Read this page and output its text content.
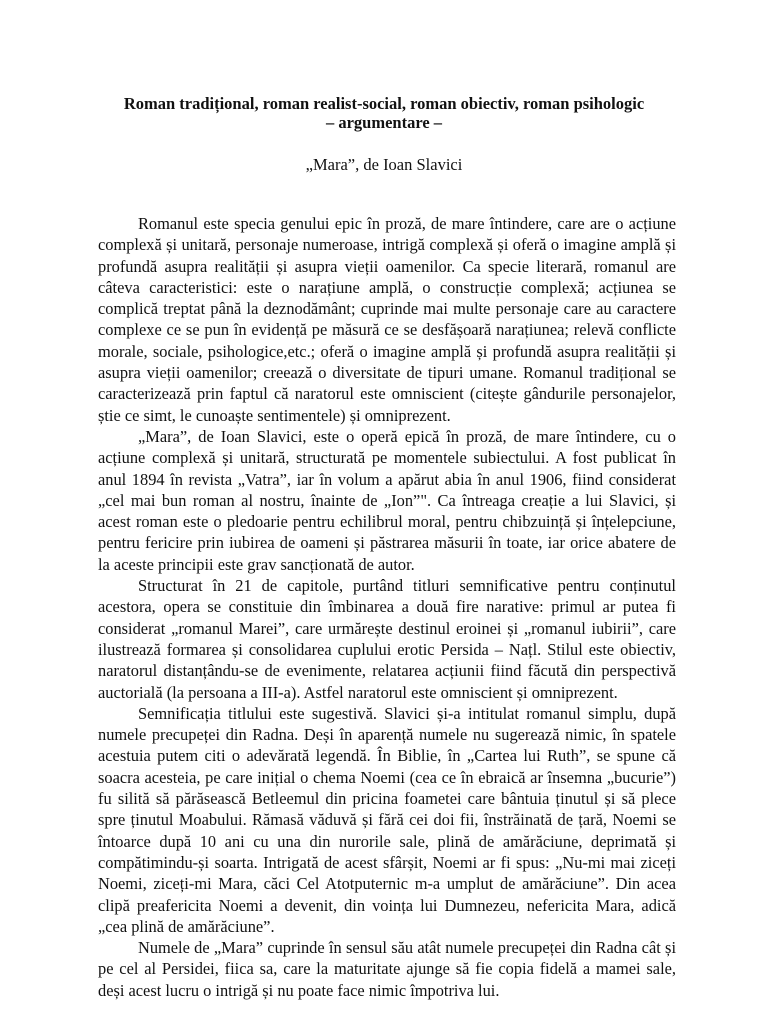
Roman tradițional, roman realist-social, roman obiectiv, roman psihologic
– argumentare –
„Mara”, de Ioan Slavici

Romanul este specia genului epic în proză, de mare întindere, care are o acțiune complexă și unitară, personaje numeroase, intrigă complexă și oferă o imagine amplă și profundă asupra realității și asupra vieții oamenilor. Ca specie literară, romanul are câteva caracteristici: este o narațiune amplă, o construcție complexă; acțiunea se complică treptat până la deznodământ; cuprinde mai multe personaje care au caractere complexe ce se pun în evidență pe măsură ce se desfășoară narațiunea; relevă conflicte morale, sociale, psihologice,etc.; oferă o imagine amplă și profundă asupra realității și asupra vieții oamenilor; creează o diversitate de tipuri umane. Romanul tradițional se caracterizează prin faptul că naratorul este omniscient (citește gândurile personajelor, știe ce simt, le cunoaște sentimentele) și omniprezent.

„Mara”, de Ioan Slavici, este o operă epică în proză, de mare întindere, cu o acțiune complexă și unitară, structurată pe momentele subiectului. A fost publicat în anul 1894 în revista „Vatra”, iar în volum a apărut abia în anul 1906, fiind considerat „cel mai bun roman al nostru, înainte de „Ion”". Ca întreaga creație a lui Slavici, și acest roman este o pledoarie pentru echilibrul moral, pentru chibzuință și înțelepciune, pentru fericire prin iubirea de oameni și păstrarea măsurii în toate, iar orice abatere de la aceste principii este grav sancționată de autor.

Structurat în 21 de capitole, purtând titluri semnificative pentru conținutul acestora, opera se constituie din îmbinarea a două fire narative: primul ar putea fi considerat „romanul Marei”, care urmărește destinul eroinei și „romanul iubirii”, care ilustrează formarea și consolidarea cuplului erotic Persida – Națl. Stilul este obiectiv, naratorul distanțându-se de evenimente, relatarea acțiunii fiind făcută din perspectivă auctorială (la persoana a III-a). Astfel naratorul este omniscient și omniprezent.

Semnificația titlului este sugestivă. Slavici și-a intitulat romanul simplu, după numele precupeței din Radna. Deși în aparență numele nu sugerează nimic, în spatele acestuia putem citi o adevărată legendă. În Biblie, în „Cartea lui Ruth”, se spune că soacra acesteia, pe care inițial o chema Noemi (cea ce în ebraică ar însemna „bucurie”) fu silită să părăsească Betleemul din pricina foametei care bântuia ținutul și să plece spre ținutul Moabului. Rămasă văduvă și fără cei doi fii, înstrăinată de țară, Noemi se întoarce după 10 ani cu una din nurorile sale, plină de amărăciune, deprimată și compătimindu-și soarta. Intrigată de acest sfârșit, Noemi ar fi spus: „Nu-mi mai ziceți Noemi, ziceți-mi Mara, căci Cel Atotputernic m-a umplut de amărăciune”. Din acea clipă preafericita Noemi a devenit, din voința lui Dumnezeu, nefericita Mara, adică „cea plină de amărăciune”.

Numele de „Mara” cuprinde în sensul său atât numele precupeței din Radna cât și pe cel al Persidei, fiica sa, care la maturitate ajunge să fie copia fidelă a mamei sale, deși acest lucru o intrigă și nu poate face nimic împotriva lui.
